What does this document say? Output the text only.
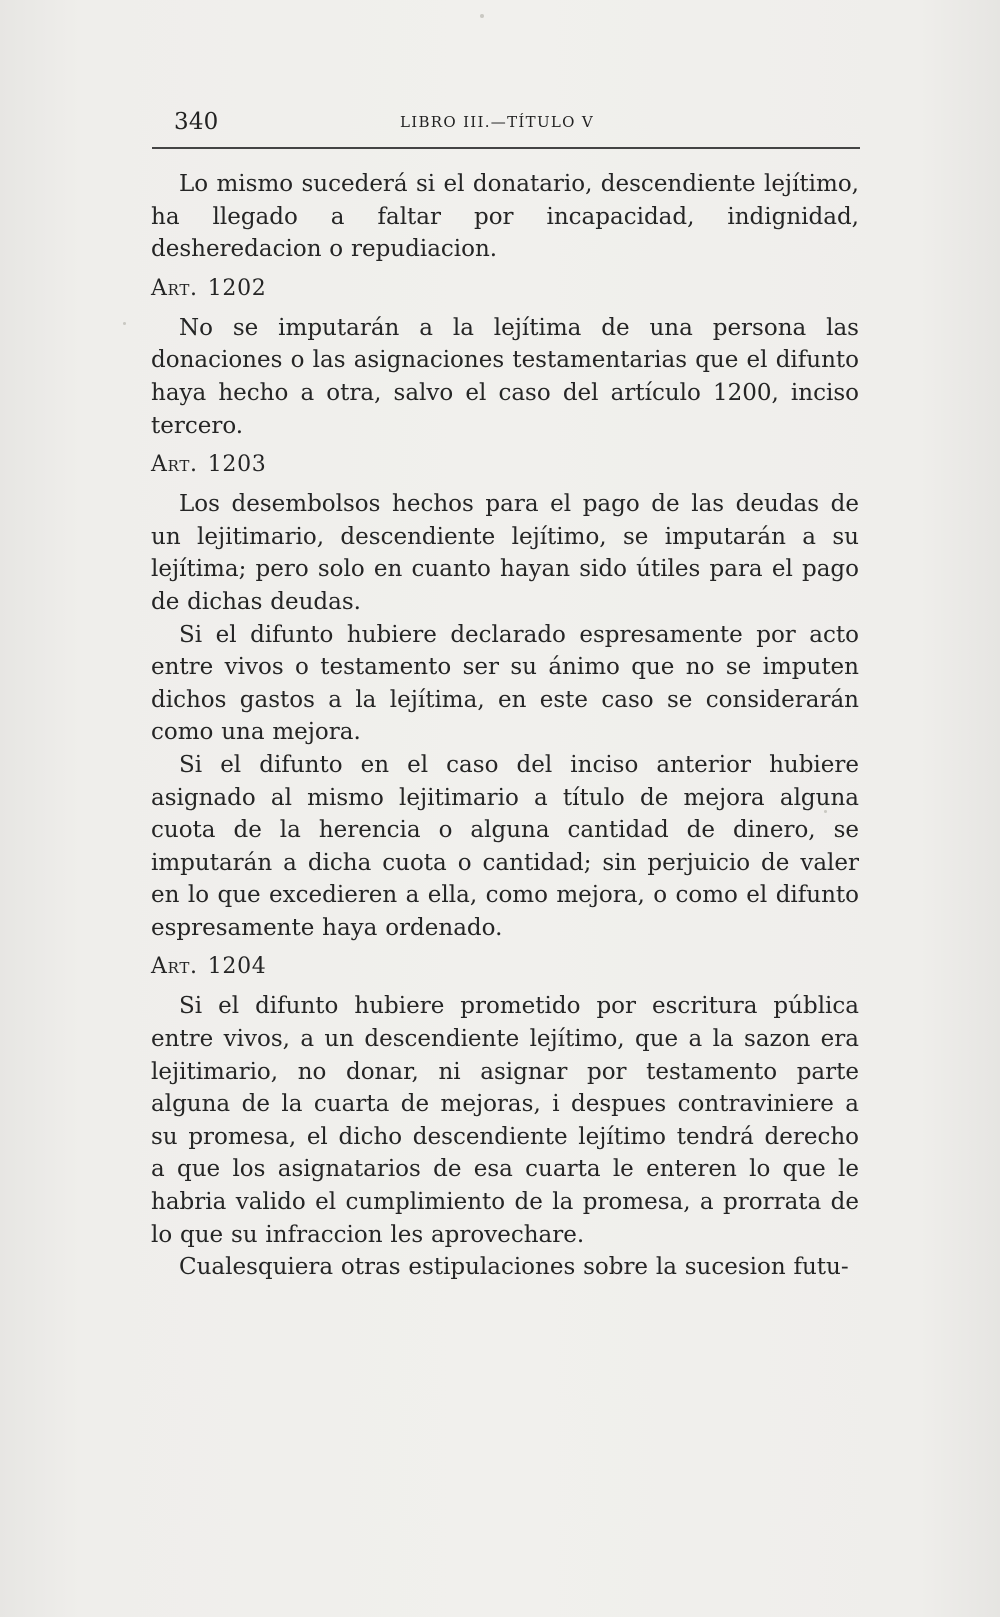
340	LIBRO III.—TÍTULO V

Lo mismo sucederá si el donatario, descendiente lejítimo, ha llegado a faltar por incapacidad, indignidad, desheredacion o repudiacion.

Art. 1202

No se imputarán a la lejítima de una persona las donaciones o las asignaciones testamentarias que el difunto haya hecho a otra, salvo el caso del artículo 1200, inciso tercero.

Art. 1203

Los desembolsos hechos para el pago de las deudas de un lejitimario, descendiente lejítimo, se imputarán a su lejítima; pero solo en cuanto hayan sido útiles para el pago de dichas deudas.

Si el difunto hubiere declarado espresamente por acto entre vivos o testamento ser su ánimo que no se imputen dichos gastos a la lejítima, en este caso se considerarán como una mejora.

Si el difunto en el caso del inciso anterior hubiere asignado al mismo lejitimario a título de mejora alguna cuota de la herencia o alguna cantidad de dinero, se imputarán a dicha cuota o cantidad; sin perjuicio de valer en lo que excedieren a ella, como mejora, o como el difunto espresamente haya ordenado.

Art. 1204

Si el difunto hubiere prometido por escritura pública entre vivos, a un descendiente lejítimo, que a la sazon era lejitimario, no donar, ni asignar por testamento parte alguna de la cuarta de mejoras, i despues contraviniere a su promesa, el dicho descendiente lejítimo tendrá derecho a que los asignatarios de esa cuarta le enteren lo que le habria valido el cumplimiento de la promesa, a prorrata de lo que su infraccion les aprovechare.

Cualesquiera otras estipulaciones sobre la sucesion futu-
